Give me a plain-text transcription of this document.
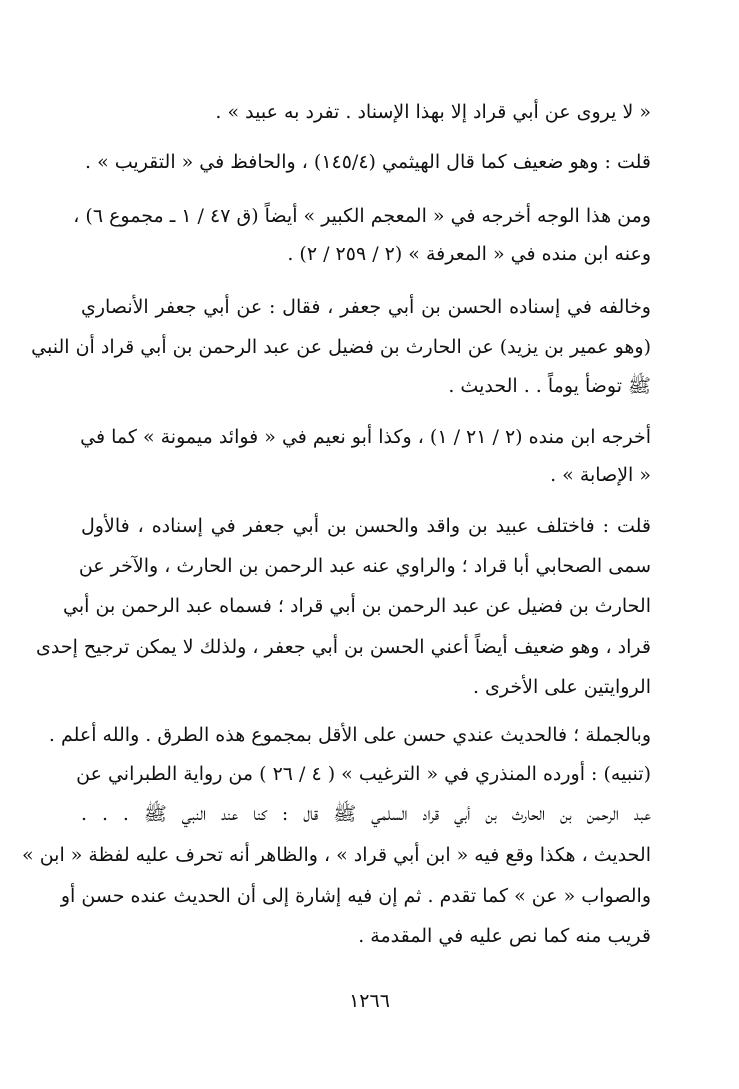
« لا يروى عن أبي قراد إلا بهذا الإسناد . تفرد به عبيد » .
قلت : وهو ضعيف كما قال الهيثمي (١٤٥/٤) ، والحافظ في « التقريب » .
ومن هذا الوجه أخرجه في « المعجم الكبير » أيضاً (ق ٤٧ / ١ ـ مجموع ٦) ،
وعنه ابن منده في « المعرفة » (٢ / ٢٥٩ / ٢) .
وخالفه في إسناده الحسن بن أبي جعفر ، فقال : عن أبي جعفر الأنصاري
(وهو عمير بن يزيد) عن الحارث بن فضيل عن عبد الرحمن بن أبي قراد أن النبي
ﷺ توضأ يوماً . . الحديث .
أخرجه ابن منده (٢ / ٢١ / ١) ، وكذا أبو نعيم في « فوائد ميمونة » كما في
« الإصابة » .
قلت : فاختلف عبيد بن واقد والحسن بن أبي جعفر في إسناده ، فالأول
سمى الصحابي أبا قراد ؛ والراوي عنه عبد الرحمن بن الحارث ، والآخر عن
الحارث بن فضيل عن عبد الرحمن بن أبي قراد ؛ فسماه عبد الرحمن بن أبي
قراد ، وهو ضعيف أيضاً أعني الحسن بن أبي جعفر ، ولذلك لا يمكن ترجيح إحدى
الروايتين على الأخرى .
وبالجملة ؛ فالحديث عندي حسن على الأقل بمجموع هذه الطرق . والله أعلم .
(تنبيه) : أورده المنذري في « الترغيب » ( ٤ / ٢٦ ) من رواية الطبراني عن
عبد الرحمن بن الحارث بن أبي قراد السلمي ﷺ قال : كنا عند النبي ﷺ . . .
الحديث ، هكذا وقع فيه « ابن أبي قراد » ، والظاهر أنه تحرف عليه لفظة « ابن »
والصواب « عن » كما تقدم . ثم إن فيه إشارة إلى أن الحديث عنده حسن أو
قريب منه كما نص عليه في المقدمة .
١٢٦٦
